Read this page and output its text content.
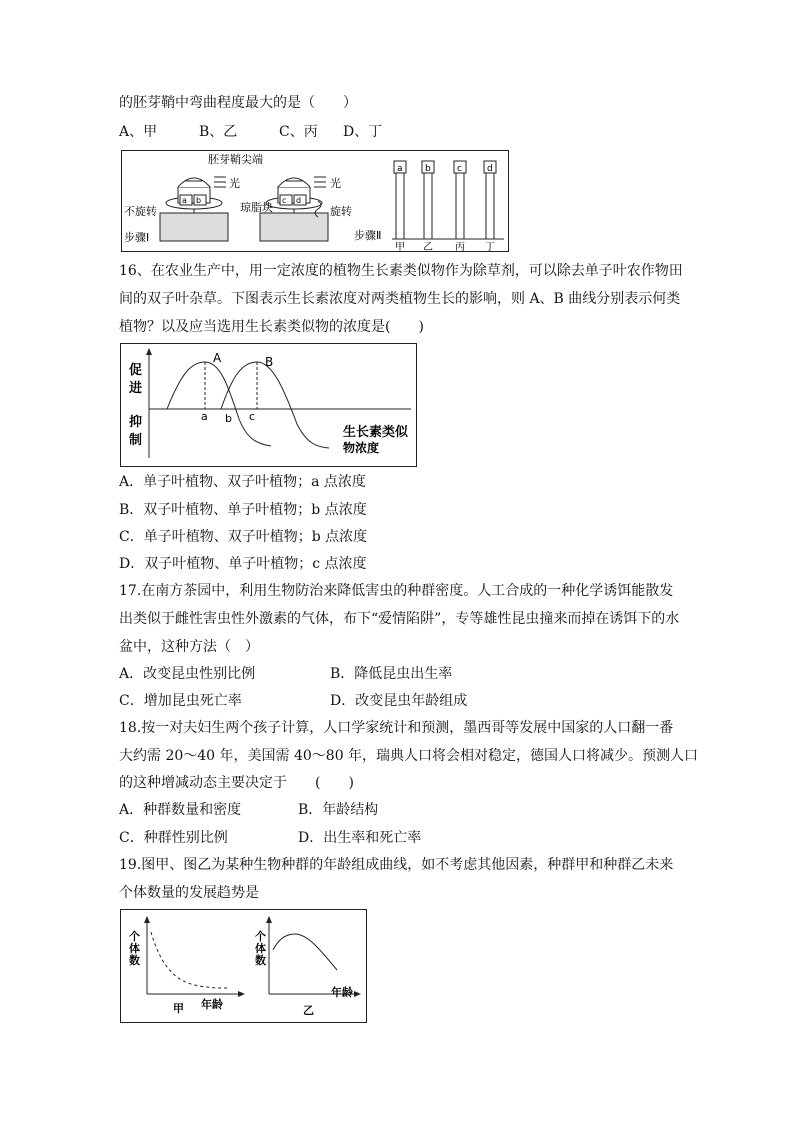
的胚芽鞘中弯曲程度最大的是（　　）
A、甲	B、乙	C、丙 D、丁
胚芽鞘尖端
光	光
琼脂块
不旋转	旋转
步骤Ⅰ
a b	c d
步骤Ⅱ
a b	c	d
甲 乙 丙 丁
16、在农业生产中，用一定浓度的植物生长素类似物作为除草剂，可以除去单子叶农作物田
间的双子叶杂草。下图表示生长素浓度对两类植物生长的影响，则 A、B 曲线分别表示何类
植物？以及应当选用生长素类似物的浓度是(　　)
促
进
抑
制
A	B
a b c
生长素类似
物浓度
A．单子叶植物、双子叶植物；a 点浓度
B．双子叶植物、单子叶植物；b 点浓度
C．单子叶植物、双子叶植物；b 点浓度
D．双子叶植物、单子叶植物；c 点浓度
17.在南方茶园中，利用生物防治来降低害虫的种群密度。人工合成的一种化学诱饵能散发
出类似于雌性害虫性外激素的气体，布下“爱情陷阱”，专等雄性昆虫撞来而掉在诱饵下的水
盆中，这种方法（　）
A．改变昆虫性别比例	B．降低昆虫出生率
C．增加昆虫死亡率	D．改变昆虫年龄组成
18.按一对夫妇生两个孩子计算，人口学家统计和预测，墨西哥等发展中国家的人口翻一番
大约需 20～40 年，美国需 40～80 年，瑞典人口将会相对稳定，德国人口将减少。预测人口
的这种增减动态主要决定于　　(　　)
A．种群数量和密度	B．年龄结构
C．种群性别比例	D．出生率和死亡率
19.图甲、图乙为某种生物种群的年龄组成曲线，如不考虑其他因素，种群甲和种群乙未来
个体数量的发展趋势是
个
体
数
年龄
甲
个
体
数
年龄
乙
